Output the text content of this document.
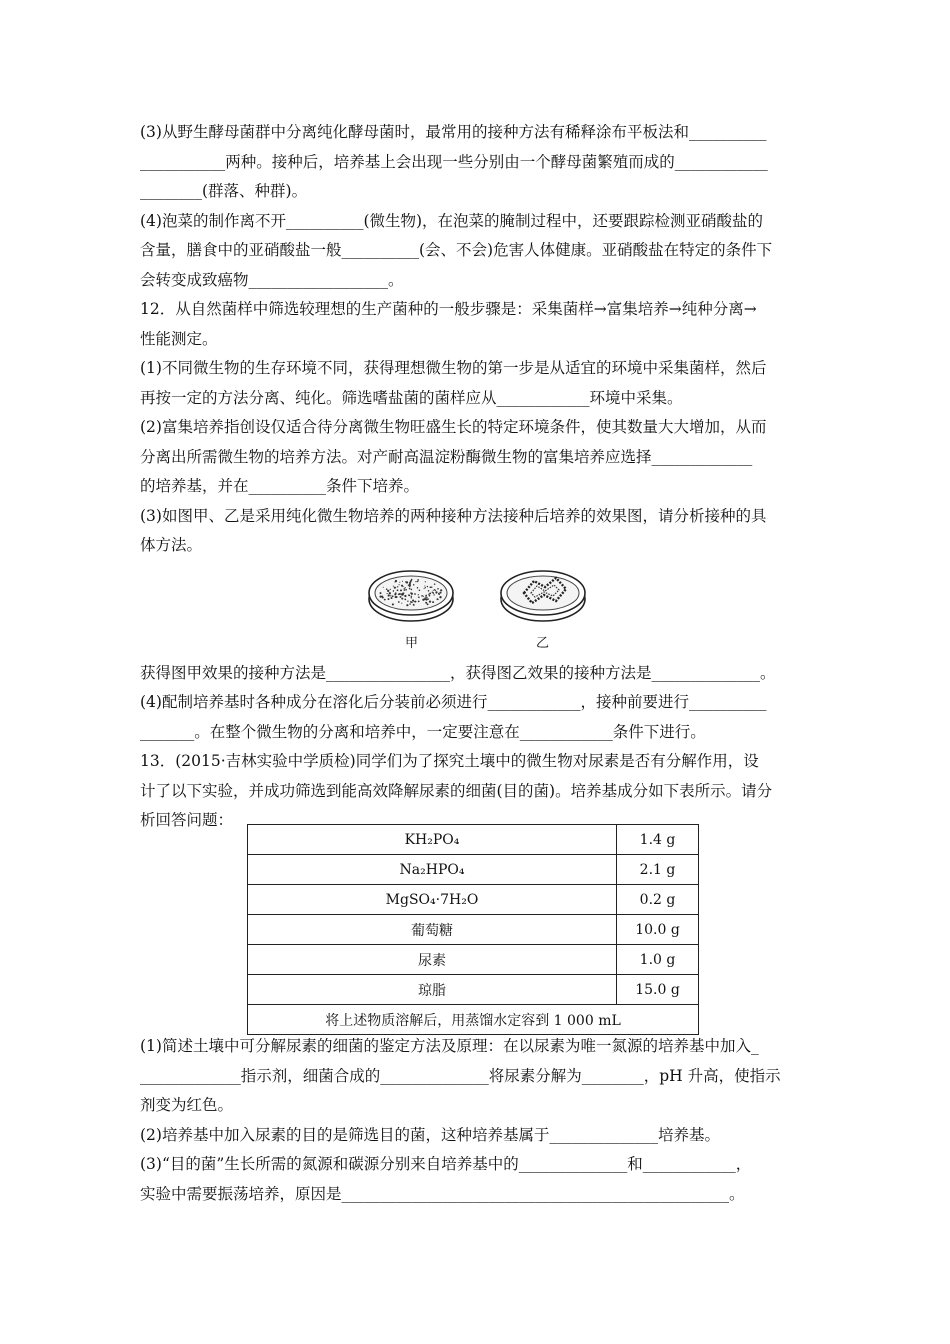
(3)从野生酵母菌群中分离纯化酵母菌时，最常用的接种方法有稀释涂布平板法和__________
___________两种。接种后，培养基上会出现一些分别由一个酵母菌繁殖而成的____________
________(群落、种群)。
(4)泡菜的制作离不开__________(微生物)，在泡菜的腌制过程中，还要跟踪检测亚硝酸盐的
含量，膳食中的亚硝酸盐一般__________(会、不会)危害人体健康。亚硝酸盐在特定的条件下
会转变成致癌物__________________。
12．从自然菌样中筛选较理想的生产菌种的一般步骤是：采集菌样→富集培养→纯种分离→
性能测定。
(1)不同微生物的生存环境不同，获得理想微生物的第一步是从适宜的环境中采集菌样，然后
再按一定的方法分离、纯化。筛选嗜盐菌的菌样应从____________环境中采集。
(2)富集培养指创设仅适合待分离微生物旺盛生长的特定环境条件，使其数量大大增加，从而
分离出所需微生物的培养方法。对产耐高温淀粉酶微生物的富集培养应选择_____________
的培养基，并在__________条件下培养。
(3)如图甲、乙是采用纯化微生物培养的两种接种方法接种后培养的效果图，请分析接种的具
体方法。
甲	乙
获得图甲效果的接种方法是________________，获得图乙效果的接种方法是______________。
(4)配制培养基时各种成分在溶化后分装前必须进行____________，接种前要进行__________
_______。在整个微生物的分离和培养中，一定要注意在____________条件下进行。
13．(2015·吉林实验中学质检)同学们为了探究土壤中的微生物对尿素是否有分解作用，设
计了以下实验，并成功筛选到能高效降解尿素的细菌(目的菌)。培养基成分如下表所示。请分
析回答问题：
KH₂PO₄	1.4 g
Na₂HPO₄	2.1 g
MgSO₄·7H₂O	0.2 g
葡萄糖	10.0 g
尿素	1.0 g
琼脂	15.0 g
将上述物质溶解后，用蒸馏水定容到 1 000 mL	
(1)简述土壤中可分解尿素的细菌的鉴定方法及原理：在以尿素为唯一氮源的培养基中加入_
_____________指示剂，细菌合成的______________将尿素分解为________，pH 升高，使指示
剂变为红色。
(2)培养基中加入尿素的目的是筛选目的菌，这种培养基属于______________培养基。
(3)“目的菌”生长所需的氮源和碳源分别来自培养基中的______________和____________，
实验中需要振荡培养，原因是__________________________________________________。
